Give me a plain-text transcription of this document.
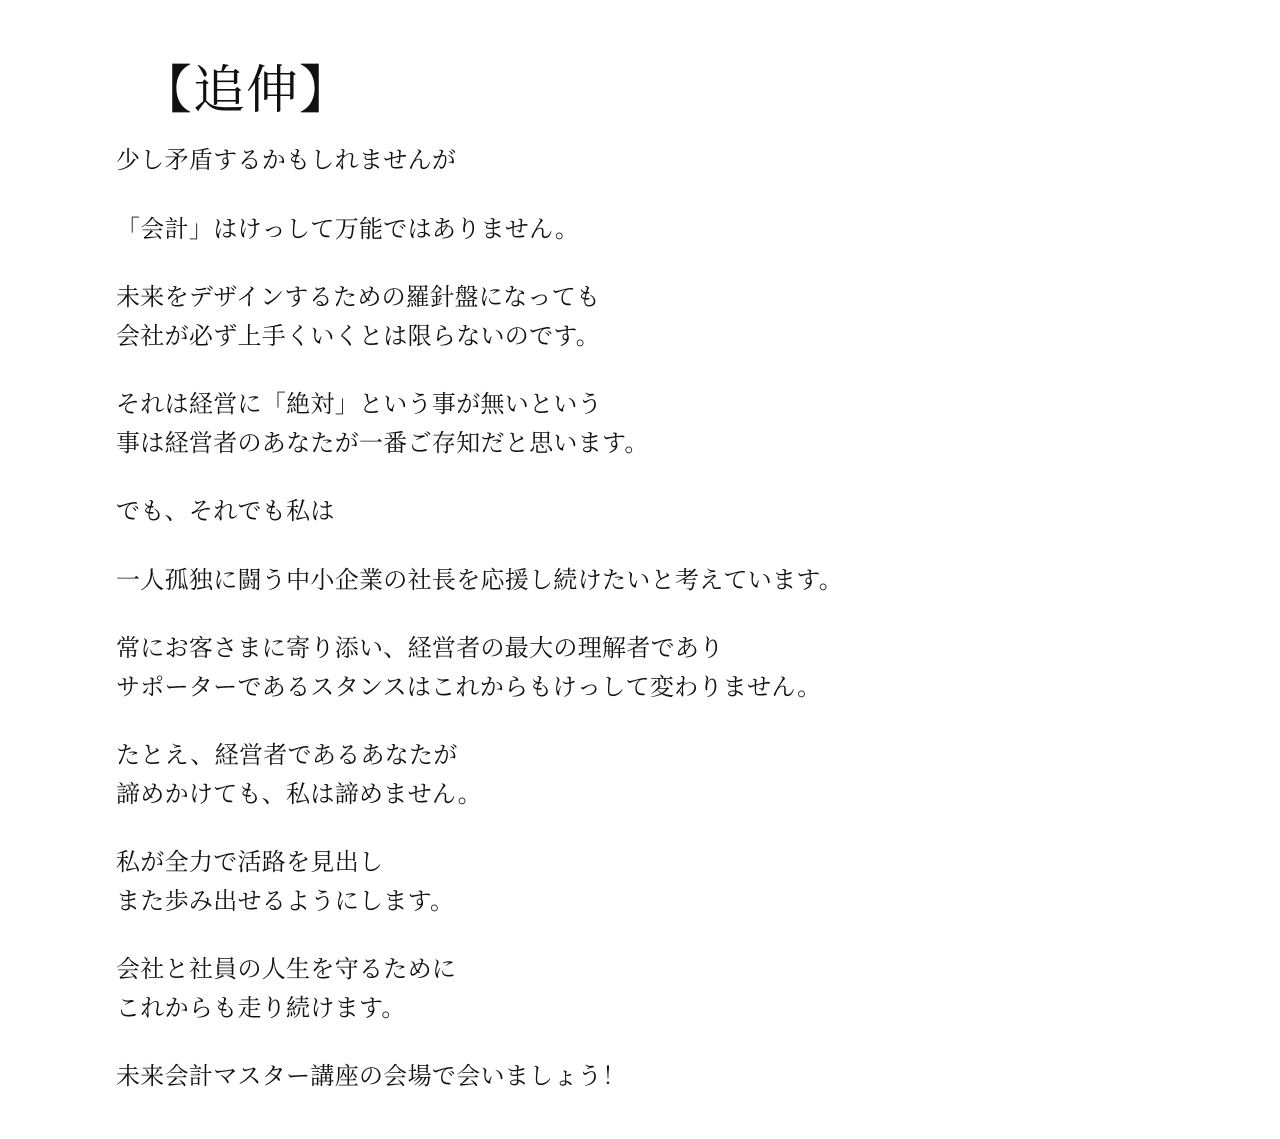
【追伸】

少し矛盾するかもしれませんが

「会計」はけっして万能ではありません。

未来をデザインするための羅針盤になっても
会社が必ず上手くいくとは限らないのです。

それは経営に「絶対」という事が無いという
事は経営者のあなたが一番ご存知だと思います。

でも、それでも私は

一人孤独に闘う中小企業の社長を応援し続けたいと考えています。

常にお客さまに寄り添い、経営者の最大の理解者であり
サポーターであるスタンスはこれからもけっして変わりません。

たとえ、経営者であるあなたが
諦めかけても、私は諦めません。

私が全力で活路を見出し
また歩み出せるようにします。

会社と社員の人生を守るために
これからも走り続けます。

未来会計マスター講座の会場で会いましょう！
